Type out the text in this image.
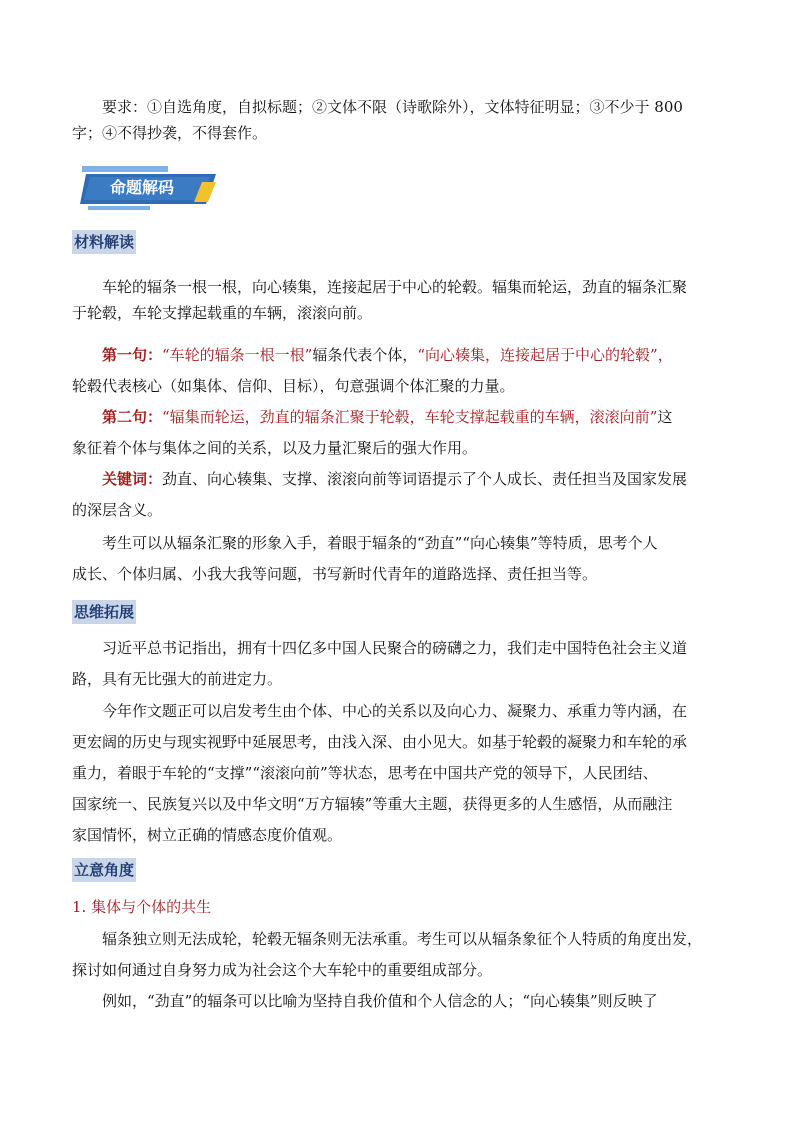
要求：①自选角度，自拟标题；②文体不限（诗歌除外），文体特征明显；③不少于 800

字；④不得抄袭，不得套作。

命题解码
材料解读

车轮的辐条一根一根，向心辏集，连接起居于中心的轮毂。辐集而轮运，劲直的辐条汇聚

于轮毂，车轮支撑起载重的车辆，滚滚向前。

第一句：“车轮的辐条一根一根”辐条代表个体，“向心辏集，连接起居于中心的轮毂”，

轮毂代表核心（如集体、信仰、目标），句意强调个体汇聚的力量。

第二句：“辐集而轮运，劲直的辐条汇聚于轮毂，车轮支撑起载重的车辆，滚滚向前”这

象征着个体与集体之间的关系，以及力量汇聚后的强大作用。

关键词：劲直、向心辏集、支撑、滚滚向前等词语提示了个人成长、责任担当及国家发展

的深层含义。

考生可以从辐条汇聚的形象入手，着眼于辐条的“劲直”“向心辏集”等特质，思考个人

成长、个体归属、小我大我等问题，书写新时代青年的道路选择、责任担当等。

思维拓展

习近平总书记指出，拥有十四亿多中国人民聚合的磅礴之力，我们走中国特色社会主义道

路，具有无比强大的前进定力。

今年作文题正可以启发考生由个体、中心的关系以及向心力、凝聚力、承重力等内涵，在

更宏阔的历史与现实视野中延展思考，由浅入深、由小见大。如基于轮毂的凝聚力和车轮的承

重力，着眼于车轮的“支撑”“滚滚向前”等状态，思考在中国共产党的领导下，人民团结、

国家统一、民族复兴以及中华文明“万方辐辏”等重大主题，获得更多的人生感悟，从而融注

家国情怀，树立正确的情感态度价值观。

立意角度
1. 集体与个体的共生

辐条独立则无法成轮，轮毂无辐条则无法承重。考生可以从辐条象征个人特质的角度出发，

探讨如何通过自身努力成为社会这个大车轮中的重要组成部分。

例如，“劲直”的辐条可以比喻为坚持自我价值和个人信念的人；“向心辏集”则反映了
